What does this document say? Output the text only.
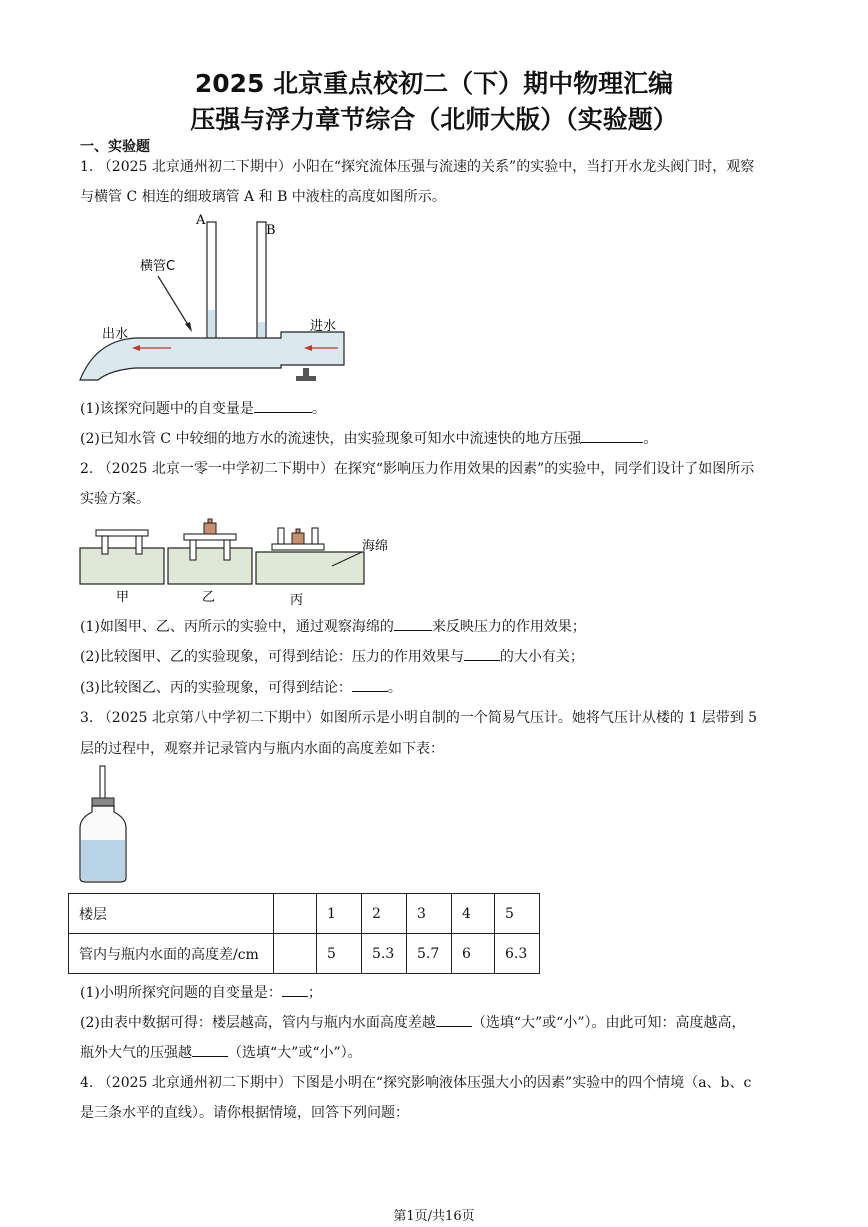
2025 北京重点校初二（下）期中物理汇编
压强与浮力章节综合（北师大版）（实验题）
一、实验题
1. （2025 北京通州初二下期中）小阳在“探究流体压强与流速的关系”的实验中，当打开水龙头阀门时，观察
与横管 C 相连的细玻璃管 A 和 B 中液柱的高度如图所示。
A
B
横管C
出水
进水
(1)该探究问题中的自变量是	。
(2)已知水管 C 中较细的地方水的流速快，由实验现象可知水中流速快的地方压强	。
2. （2025 北京一零一中学初二下期中）在探究“影响压力作用效果的因素”的实验中，同学们设计了如图所示
实验方案。
海绵
甲	乙	丙
(1)如图甲、乙、丙所示的实验中，通过观察海绵的	来反映压力的作用效果；
(2)比较图甲、乙的实验现象，可得到结论：压力的作用效果与	的大小有关；
(3)比较图乙、丙的实验现象，可得到结论：	。
3. （2025 北京第八中学初二下期中）如图所示是小明自制的一个简易气压计。她将气压计从楼的 1 层带到 5
层的过程中，观察并记录管内与瓶内水面的高度差如下表：
楼层		1	2	3	4	5
管内与瓶内水面的高度差/cm		5	5.3	5.7	6	6.3
(1)小明所探究问题的自变量是： ；
(2)由表中数据可得：楼层越高，管内与瓶内水面高度差越	（选填“大”或“小”）。由此可知：高度越高，
瓶外大气的压强越	（选填“大”或“小”）。
4. （2025 北京通州初二下期中）下图是小明在“探究影响液体压强大小的因素”实验中的四个情境（a、b、c
是三条水平的直线）。请你根据情境，回答下列问题：
第1页/共16页
